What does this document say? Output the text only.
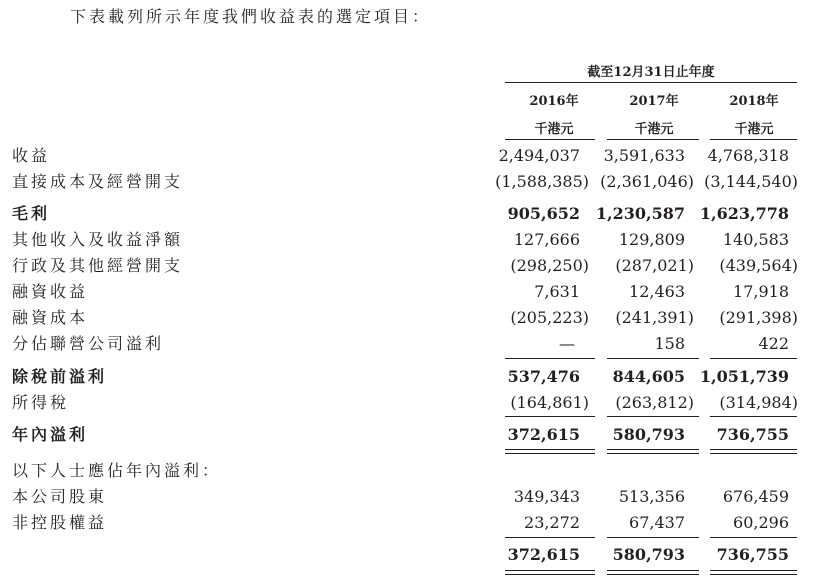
下表載列所示年度我們收益表的選定項目：
截至12月31日止年度
2016年	2017年	2018年
千港元	千港元	千港元
收益	2,494,037	3,591,633	4,768,318
直接成本及經營開支	(1,588,385) (2,361,046) (3,144,540)
毛利	905,652 1,230,587 1,623,778
其他收入及收益淨額	127,666	129,809	140,583
行政及其他經營開支	(298,250)	(287,021)	(439,564)
融資收益	7,631	12,463	17,918
融資成本	(205,223)	(241,391)	(291,398)
分佔聯營公司溢利	—	158	422
除稅前溢利	537,476	844,605 1,051,739
所得稅	(164,861)	(263,812)	(314,984)
年內溢利	372,615	580,793	736,755
以下人士應佔年內溢利：
本公司股東	349,343	513,356	676,459
非控股權益	23,272	67,437	60,296
372,615	580,793	736,755
